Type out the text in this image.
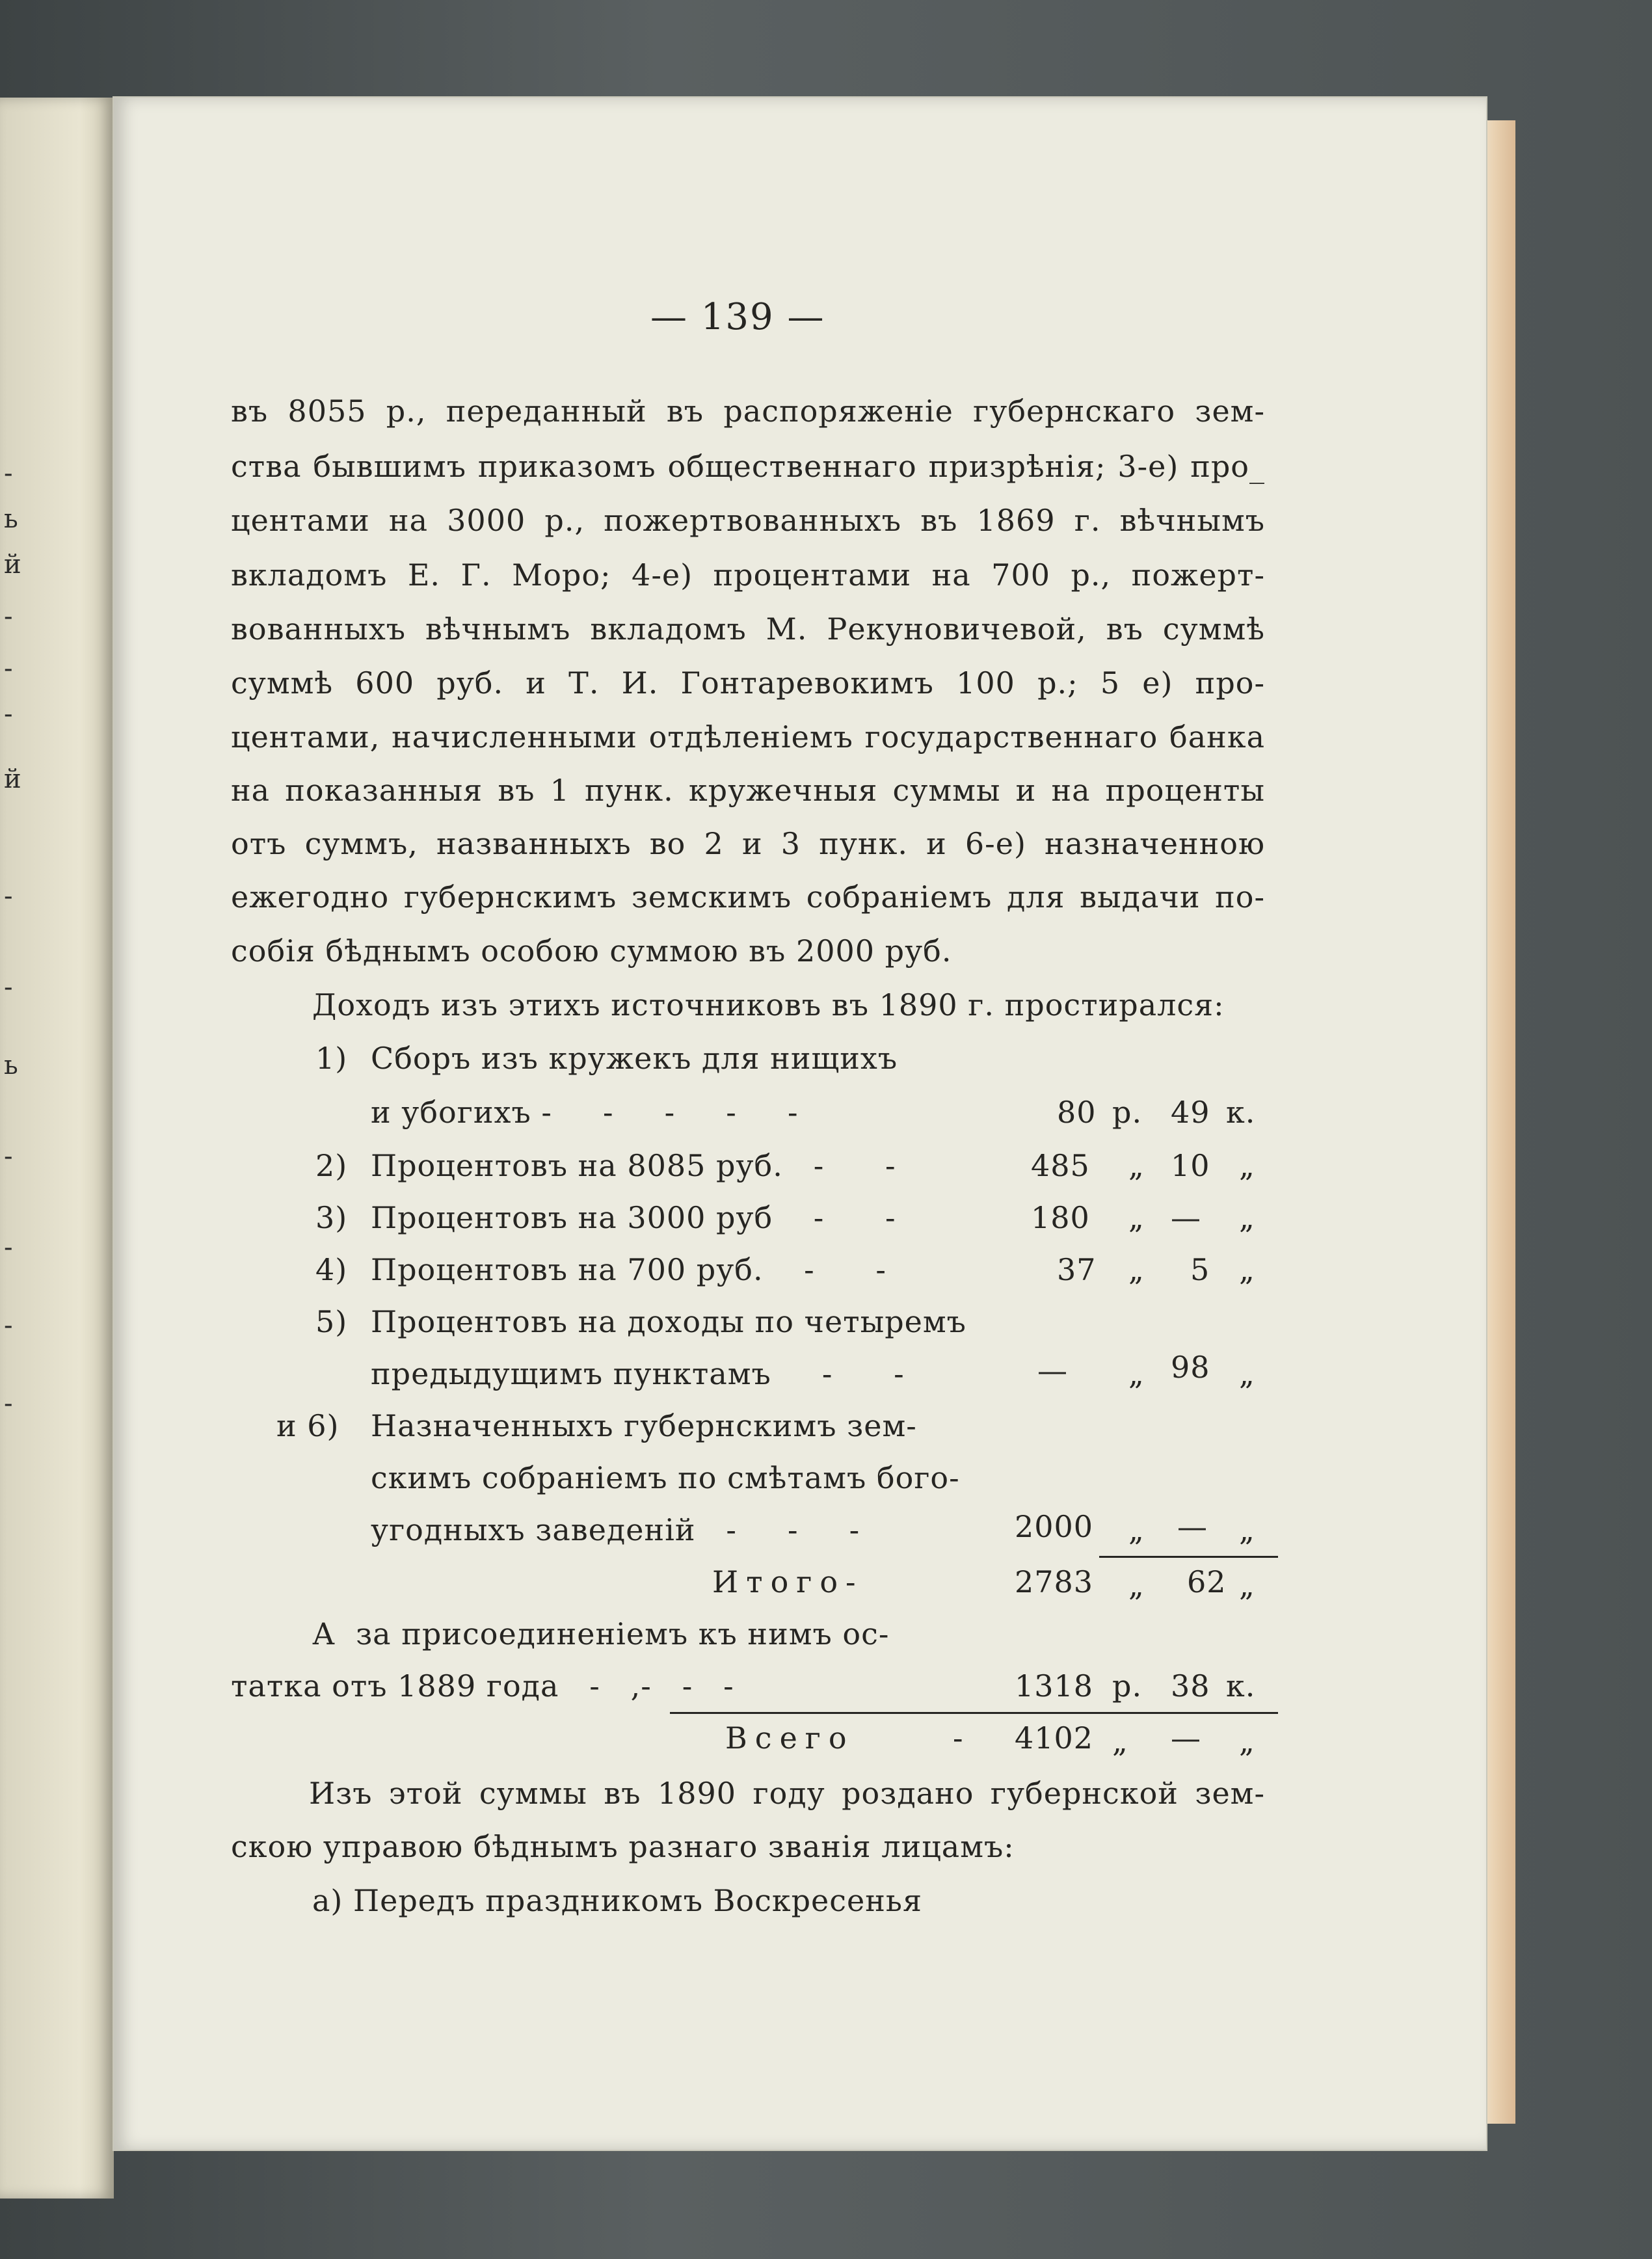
-
ь
й
-
-
-
й
-
-
ь
-
-
-
-
— 139 —
въ 8055 р., переданный въ распоряженіе губернскаго зем-
ства бывшимъ приказомъ общественнаго призрѣнія; 3-е) про_
центами на 3000 р., пожертвованныхъ въ 1869 г. вѣчнымъ
вкладомъ Е. Г. Моро; 4-е) процентами на 700 р., пожерт-
вованныхъ вѣчнымъ вкладомъ М. Рекуновичевой, въ суммѣ
суммѣ 600 руб. и Т. И. Гонтаревокимъ 100 р.; 5 е) про-
центами, начисленными отдѣленіемъ государственнаго банка
на показанныя въ 1 пунк. кружечныя суммы и на проценты
отъ суммъ, названныхъ во 2 и 3 пунк. и 6-е) назначенною
ежегодно губернскимъ земскимъ собраніемъ для выдачи по-
собія бѣднымъ особою суммою въ 2000 руб.
Доходъ изъ этихъ источниковъ въ 1890 г. простирался:
1) Сборъ изъ кружекъ для нищихъ
и убогихъ -     -     -     -     -	80 р. 49 к.
2) Процентовъ на 8085 руб.   -      -	485 „ 10 „
3) Процентовъ на 3000 руб    -      -	180 „ — „
4) Процентовъ на 700 руб.    -      -	37 „ 5 „
5) Процентовъ на доходы по четыремъ
предыдущимъ пунктамъ     -      -	— „ 98 „
и 6) Назначенныхъ губернскимъ зем-
скимъ собраніемъ по смѣтамъ бого-
угодныхъ заведеній   -     -     -	2000 „ — „
Итого-	2783 „ 62 „
А  за присоединеніемъ къ нимъ ос-
татка отъ 1889 года   -   ,-   -   -	1318 р. 38 к.
Всего	- 4102 „ — „
Изъ этой суммы въ 1890 году роздано губернской зем-
скою управою бѣднымъ разнаго званія лицамъ:
а) Передъ праздникомъ Воскресенья
